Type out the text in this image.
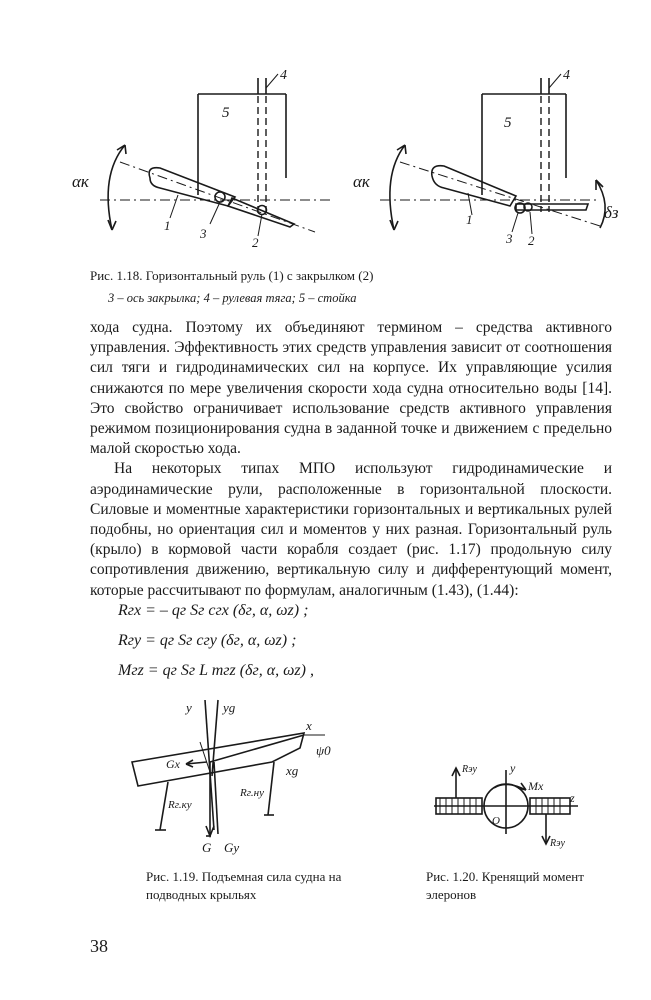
4
5
αк
1
3
2
4
5
αк
δз
1
3 2
Рис. 1.18. Горизонтальный руль (1) с закрылком (2)
3 – ось закрылка; 4 – рулевая тяга; 5 – стойка

хода судна. Поэтому их объединяют термином – средства активного управления. Эффективность этих средств управления зависит от соотношения сил тяги и гидродинамических сил на корпусе. Их управляющие усилия снижаются по мере увеличения скорости хода судна относительно воды [14]. Это свойство ограничивает использование средств активного управления режимом позиционирования судна в заданной точке и движением с предельно малой скоростью хода.

На некоторых типах МПО используют гидродинамические и аэродинамические рули, расположенные в горизонтальной плоскости. Силовые и моментные характеристики горизонтальных и вертикальных рулей подобны, но ориентация сил и моментов у них разная. Горизонтальный руль (крыло) в кормовой части корабля создает (рис. 1.17) продольную силу сопротивления движению, вертикальную силу и дифферентующий момент, которые рассчитывают по формулам, аналогичным (1.43), (1.44):

Rгx = – qг Sг cгx (δг, α, ωz) ;
Rгy = qг Sг cгy (δг, α, ωz) ;
Mгz = qг Sг L mгz (δг, α, ωz) ,
x
xg
ψ0
y yg
Gx
G Gy
Rг.ку
Rг.ну
Рис. 1.19. Подъемная сила судна на подводных крыльях
y
z
O
Rэу
Rэу
Mx
Рис. 1.20. Кренящий момент элеронов
38
